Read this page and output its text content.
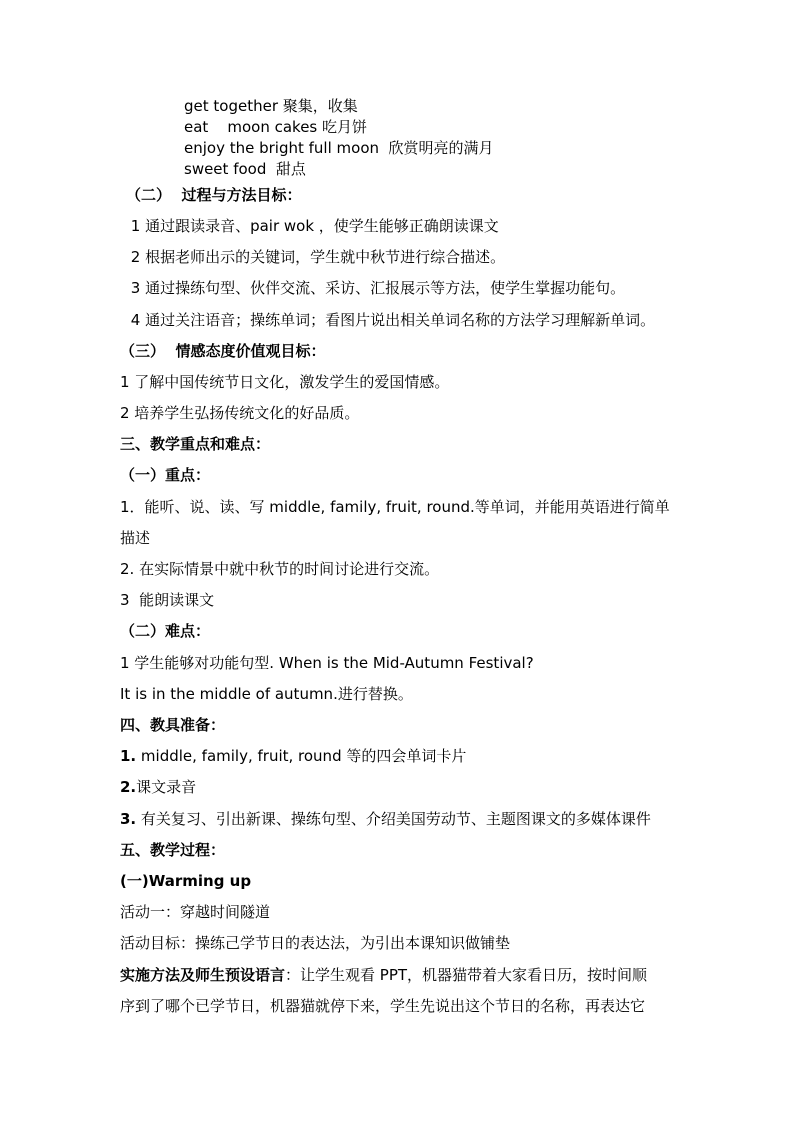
get together 聚集，收集
eat    moon cakes 吃月饼
enjoy the bright full moon  欣赏明亮的满月
sweet food  甜点
（二）  过程与方法目标：
1 通过跟读录音、pair wok ，使学生能够正确朗读课文
2 根据老师出示的关键词，学生就中秋节进行综合描述。
3 通过操练句型、伙伴交流、采访、汇报展示等方法，使学生掌握功能句。
4 通过关注语音；操练单词；看图片说出相关单词名称的方法学习理解新单词。
（三）  情感态度价值观目标：
1 了解中国传统节日文化，激发学生的爱国情感。
2 培养学生弘扬传统文化的好品质。
三、教学重点和难点：
（一）重点：
1．能听、说、读、写 middle, family, fruit, round.等单词，并能用英语进行简单
描述
2. 在实际情景中就中秋节的时间讨论进行交流。
3  能朗读课文
（二）难点：
1 学生能够对功能句型. When is the Mid-Autumn Festival?
It is in the middle of autumn.进行替换。
四、教具准备：
1. middle, family, fruit, round 等的四会单词卡片
2.课文录音
3. 有关复习、引出新课、操练句型、介绍美国劳动节、主题图课文的多媒体课件
五、教学过程：
(一)Warming up
活动一：穿越时间隧道
活动目标：操练己学节日的表达法，为引出本课知识做铺垫
实施方法及师生预设语言：让学生观看 PPT，机器猫带着大家看日历，按时间顺
序到了哪个已学节日，机器猫就停下来，学生先说出这个节日的名称，再表达它
